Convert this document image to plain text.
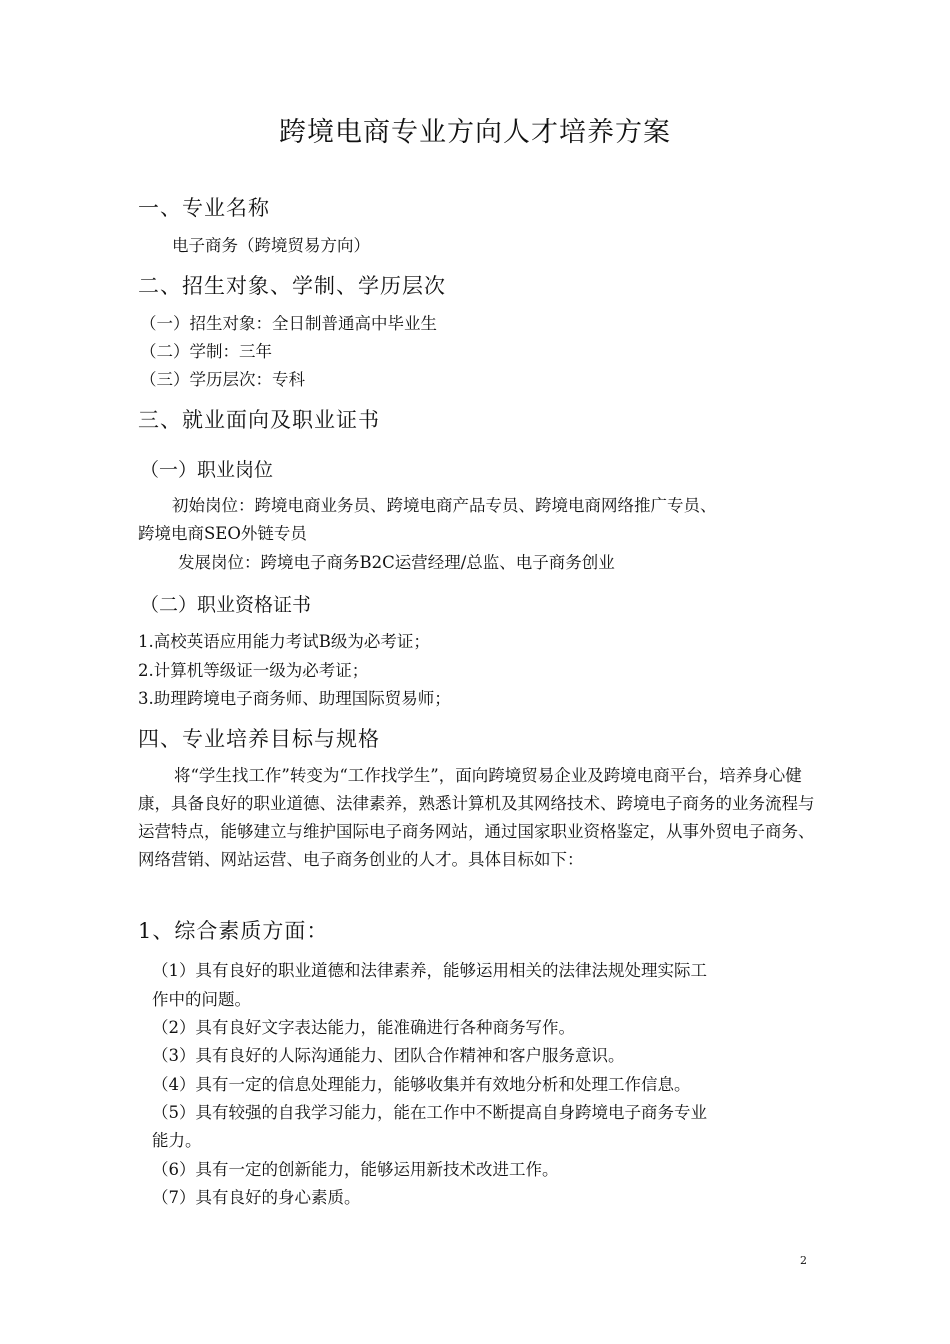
跨境电商专业方向人才培养方案
一、专业名称
电子商务（跨境贸易方向）
二、招生对象、学制、学历层次
（一）招生对象：全日制普通高中毕业生
（二）学制：三年
（三）学历层次：专科
三、就业面向及职业证书
（一）职业岗位
初始岗位：跨境电商业务员、跨境电商产品专员、跨境电商网络推广专员、
跨境电商SEO外链专员
发展岗位：跨境电子商务B2C运营经理/总监、电子商务创业
（二）职业资格证书
1.高校英语应用能力考试B级为必考证；
2.计算机等级证一级为必考证；
3.助理跨境电子商务师、助理国际贸易师；
四、专业培养目标与规格
将“学生找工作”转变为“工作找学生”，面向跨境贸易企业及跨境电商平台，培养身心健康，具备良好的职业道德、法律素养，熟悉计算机及其网络技术、跨境电子商务的业务流程与运营特点，能够建立与维护国际电子商务网站，通过国家职业资格鉴定，从事外贸电子商务、网络营销、网站运营、电子商务创业的人才。具体目标如下：
1、综合素质方面：
（1）具有良好的职业道德和法律素养，能够运用相关的法律法规处理实际工
作中的问题。
（2）具有良好文字表达能力，能准确进行各种商务写作。
（3）具有良好的人际沟通能力、团队合作精神和客户服务意识。
（4）具有一定的信息处理能力，能够收集并有效地分析和处理工作信息。
（5）具有较强的自我学习能力，能在工作中不断提高自身跨境电子商务专业
能力。
（6）具有一定的创新能力，能够运用新技术改进工作。
（7）具有良好的身心素质。
2
